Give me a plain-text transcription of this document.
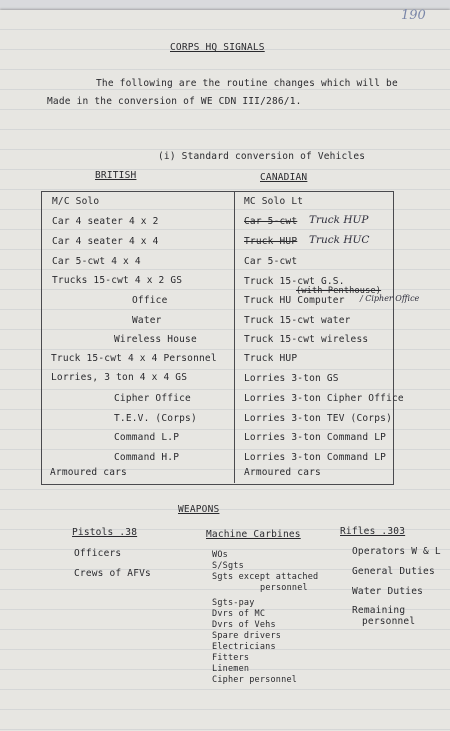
190
CORPS HQ SIGNALS
The following are the routine changes which will be
Made in the conversion of WE CDN III/286/1.
(i) Standard conversion of Vehicles
BRITISH	CANADIAN
M/C Solo
Car 4 seater 4 x 2
Car 4 seater 4 x 4
Car 5-cwt 4 x 4
Trucks 15-cwt 4 x 2 GS
Office
Water
Wireless House
Truck 15-cwt 4 x 4 Personnel
Lorries, 3 ton 4 x 4 GS
Cipher Office
T.E.V. (Corps)
Command L.P
Command H.P
Armoured cars
MC Solo Lt
Car 5-cwt
Truck HUP
Car 5-cwt
Truck 15-cwt G.S.
Truck HU Computer
Truck 15-cwt water
Truck 15-cwt wireless
Truck HUP
Lorries 3-ton GS
Lorries 3-ton Cipher Office
Lorries 3-ton TEV (Corps)
Lorries 3-ton Command LP
Lorries 3-ton Command LP
Armoured cars
Truck HUP
Truck HUC
(with Penthouse)
/ Cipher Office
WEAPONS
Pistols .38
Officers
Crews of AFVs
Machine Carbines
WOs
S/Sgts
Sgts except attached
personnel
Sgts-pay
Dvrs of MC
Dvrs of Vehs
Spare drivers
Electricians
Fitters
Linemen
Cipher personnel
Rifles .303
Operators W & L
General Duties
Water Duties
Remaining
personnel
